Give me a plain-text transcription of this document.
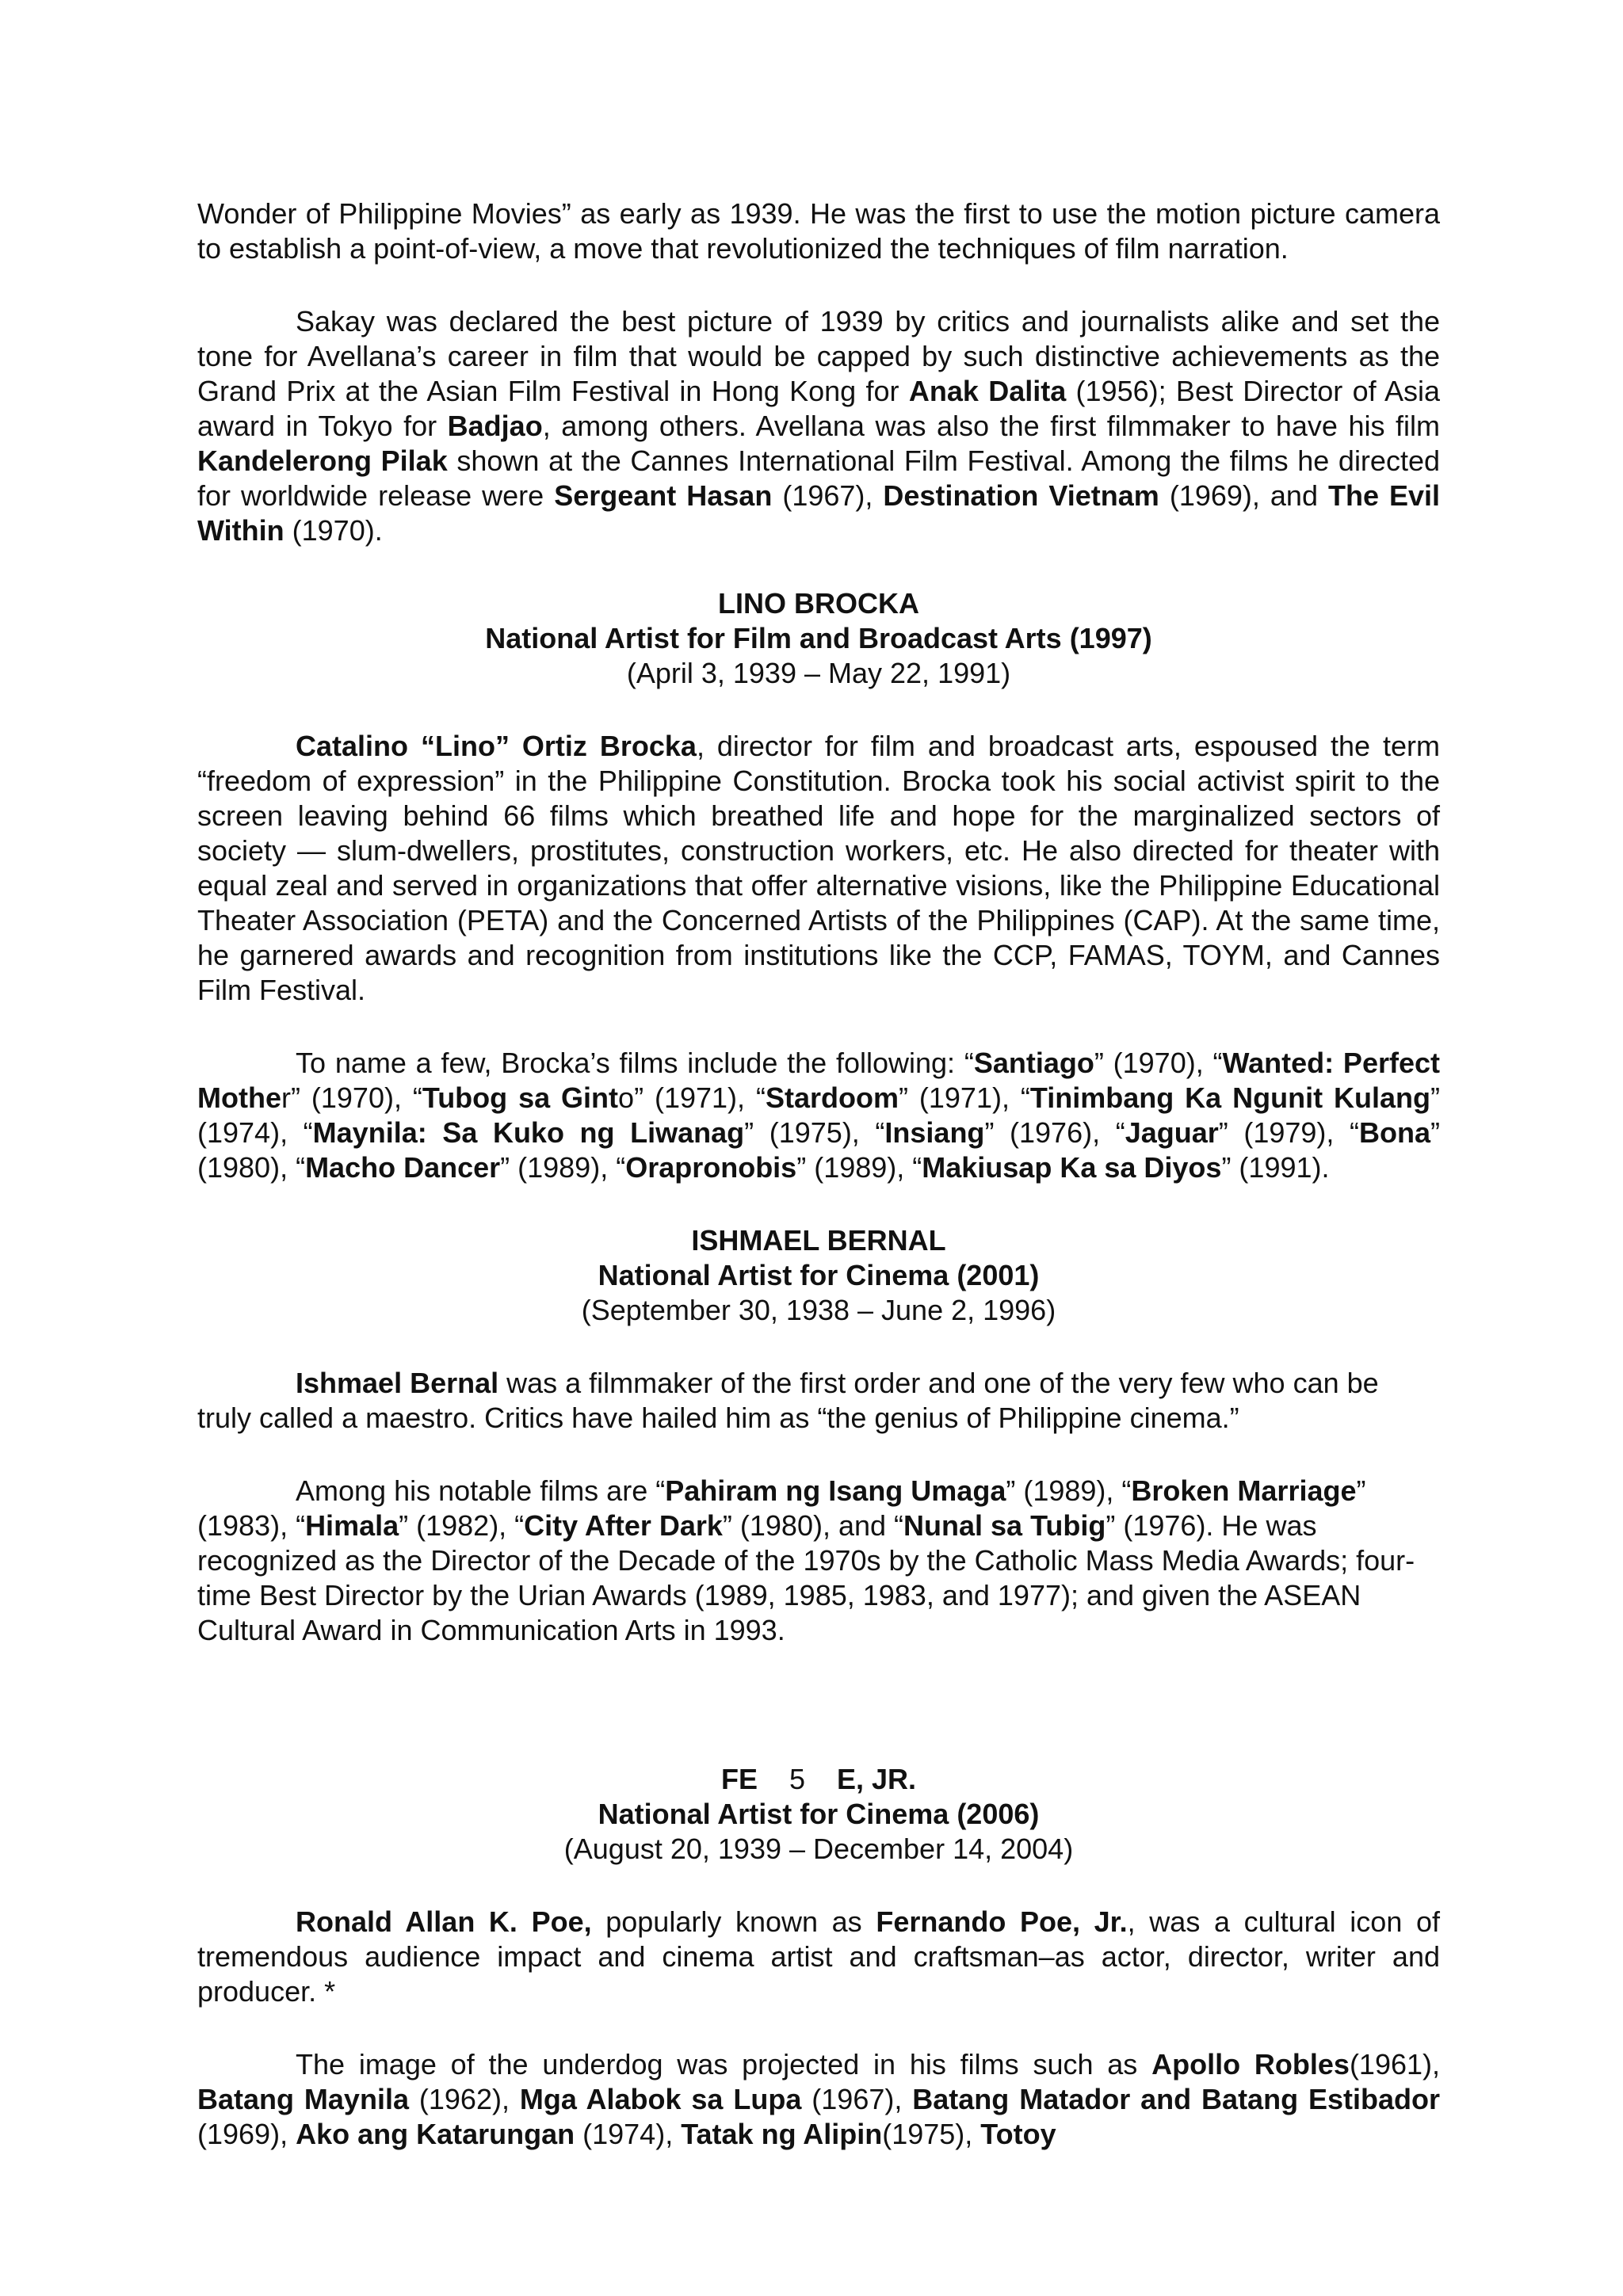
Wonder of Philippine Movies” as early as 1939. He was the first to use the motion picture camera to establish a point-of-view, a move that revolutionized the techniques of film narration.

Sakay was declared the best picture of 1939 by critics and journalists alike and set the tone for Avellana’s career in film that would be capped by such distinctive achievements as the Grand Prix at the Asian Film Festival in Hong Kong for Anak Dalita (1956); Best Director of Asia award in Tokyo for Badjao, among others. Avellana was also the first filmmaker to have his film Kandelerong Pilak shown at the Cannes International Film Festival. Among the films he directed for worldwide release were Sergeant Hasan (1967), Destination Vietnam (1969), and The Evil Within (1970).

LINO BROCKA
National Artist for Film and Broadcast Arts (1997)
(April 3, 1939 – May 22, 1991)

Catalino “Lino” Ortiz Brocka, director for film and broadcast arts, espoused the term “freedom of expression” in the Philippine Constitution. Brocka took his social activist spirit to the screen leaving behind 66 films which breathed life and hope for the marginalized sectors of society — slum-dwellers, prostitutes, construction workers, etc. He also directed for theater with equal zeal and served in organizations that offer alternative visions, like the Philippine Educational Theater Association (PETA) and the Concerned Artists of the Philippines (CAP). At the same time, he garnered awards and recognition from institutions like the CCP, FAMAS, TOYM, and Cannes Film Festival.

To name a few, Brocka’s films include the following: “Santiago” (1970), “Wanted: Perfect Mother” (1970), “Tubog sa Ginto” (1971), “Stardoom” (1971), “Tinimbang Ka Ngunit Kulang” (1974), “Maynila: Sa Kuko ng Liwanag” (1975), “Insiang” (1976), “Jaguar” (1979), “Bona” (1980), “Macho Dancer” (1989), “Orapronobis” (1989), “Makiusap Ka sa Diyos” (1991).

ISHMAEL BERNAL
National Artist for Cinema (2001)
(September 30, 1938 – June 2, 1996)

Ishmael Bernal was a filmmaker of the first order and one of the very few who can be truly called a maestro. Critics have hailed him as “the genius of Philippine cinema.”

Among his notable films are “Pahiram ng Isang Umaga” (1989), “Broken Marriage” (1983), “Himala” (1982), “City After Dark” (1980), and “Nunal sa Tubig” (1976). He was recognized as the Director of the Decade of the 1970s by the Catholic Mass Media Awards; four-time Best Director by the Urian Awards (1989, 1985, 1983, and 1977); and given the ASEAN Cultural Award in Communication Arts in 1993.

FE 5 E, JR.
National Artist for Cinema (2006)
(August 20, 1939 – December 14, 2004)

Ronald Allan K. Poe, popularly known as Fernando Poe, Jr., was a cultural icon of tremendous audience impact and cinema artist and craftsman–as actor, director, writer and producer. *

The image of the underdog was projected in his films such as Apollo Robles(1961), Batang Maynila (1962), Mga Alabok sa Lupa (1967), Batang Matador and Batang Estibador (1969), Ako ang Katarungan (1974), Tatak ng Alipin(1975), Totoy
